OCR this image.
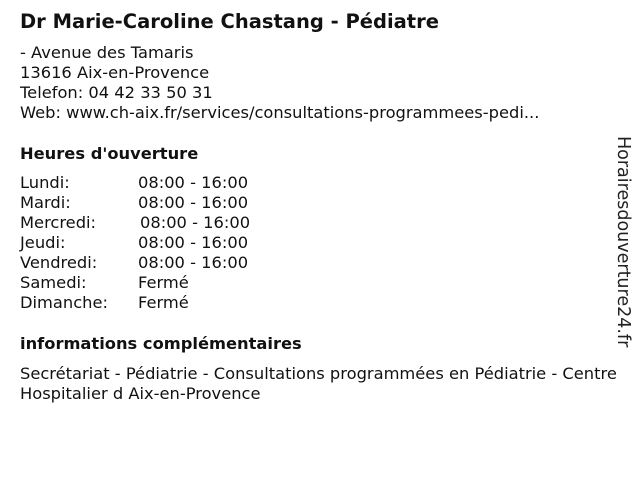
Dr Marie-Caroline Chastang - Pédiatre
- Avenue des Tamaris
13616 Aix-en-Provence
Telefon: 04 42 33 50 31
Web: www.ch-aix.fr/services/consultations-programmees-pedi...
Heures d'ouverture
Lundi:	08:00 - 16:00
Mardi:	08:00 - 16:00
Mercredi:	08:00 - 16:00
Jeudi:	08:00 - 16:00
Vendredi:	08:00 - 16:00
Samedi:	Fermé
Dimanche: Fermé
informations complémentaires
Secrétariat - Pédiatrie - Consultations programmées en Pédiatrie - Centre Hospitalier d Aix-en-Provence
Horairesdouverture24.fr
